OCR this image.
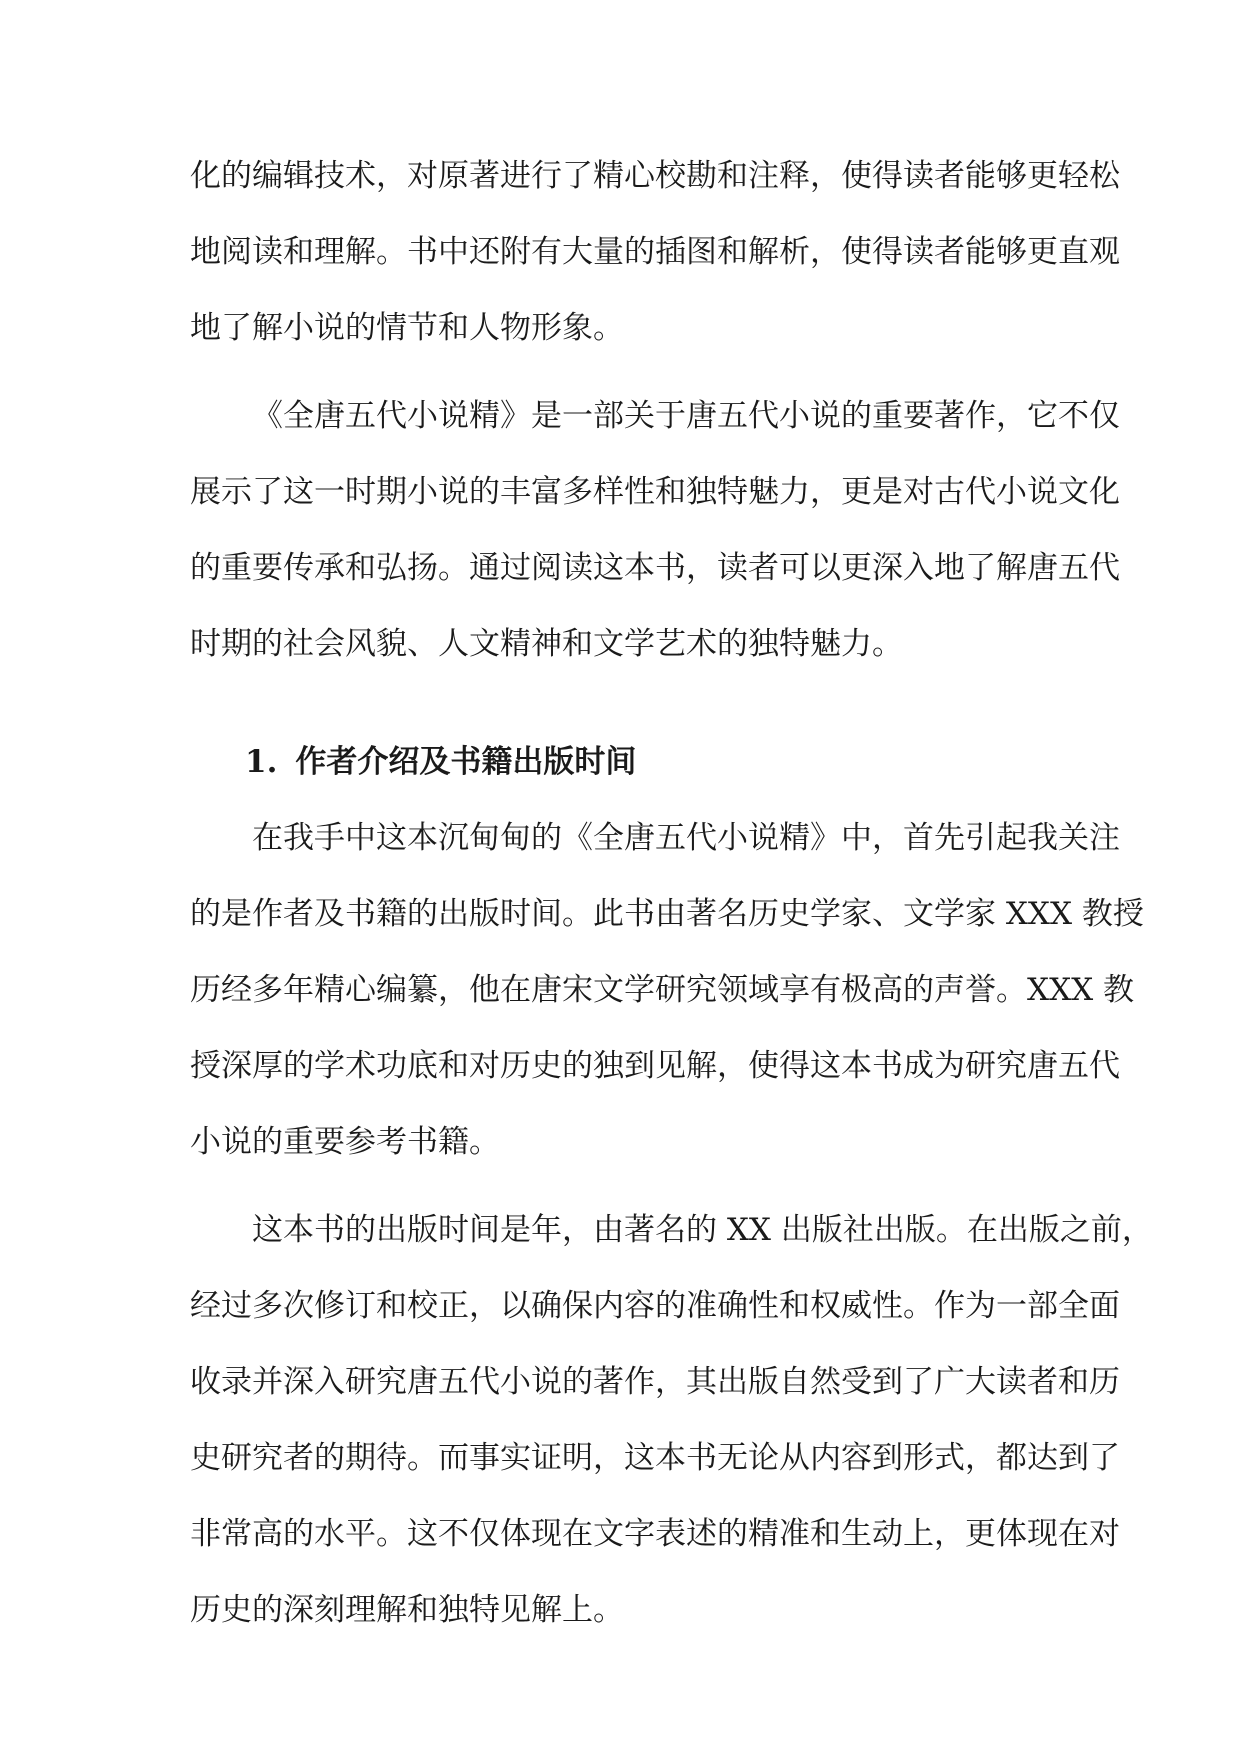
化的编辑技术，对原著进行了精心校勘和注释，使得读者能够更轻松
地阅读和理解。书中还附有大量的插图和解析，使得读者能够更直观
地了解小说的情节和人物形象。
《全唐五代小说精》是一部关于唐五代小说的重要著作，它不仅
展示了这一时期小说的丰富多样性和独特魅力，更是对古代小说文化
的重要传承和弘扬。通过阅读这本书，读者可以更深入地了解唐五代
时期的社会风貌、人文精神和文学艺术的独特魅力。
1. 作者介绍及书籍出版时间
在我手中这本沉甸甸的《全唐五代小说精》中，首先引起我关注
的是作者及书籍的出版时间。此书由著名历史学家、文学家 XXX 教授
历经多年精心编纂，他在唐宋文学研究领域享有极高的声誉。XXX 教
授深厚的学术功底和对历史的独到见解，使得这本书成为研究唐五代
小说的重要参考书籍。
这本书的出版时间是年，由著名的 XX 出版社出版。在出版之前，
经过多次修订和校正，以确保内容的准确性和权威性。作为一部全面
收录并深入研究唐五代小说的著作，其出版自然受到了广大读者和历
史研究者的期待。而事实证明，这本书无论从内容到形式，都达到了
非常高的水平。这不仅体现在文字表述的精准和生动上，更体现在对
历史的深刻理解和独特见解上。
